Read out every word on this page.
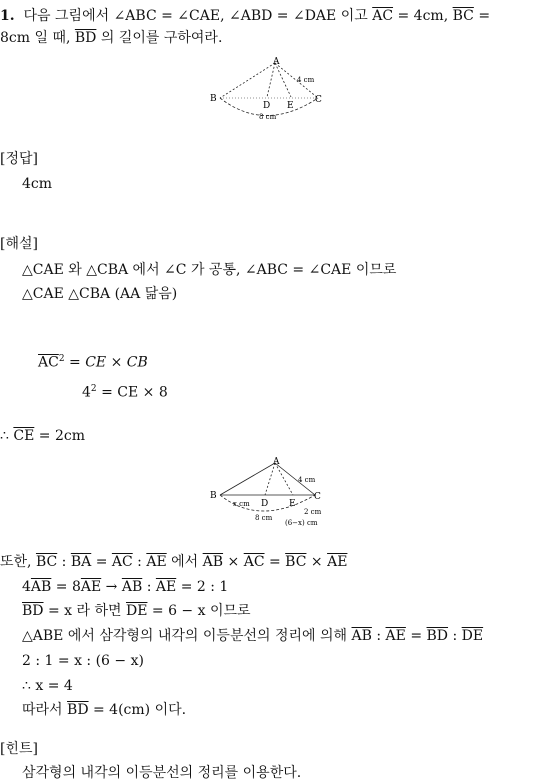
1. 다음 그림에서 ∠ABC = ∠CAE, ∠ABD = ∠DAE 이고 $\overline{AC} = 4cm$, $\overline{BC}$ =
8cm 일 때, $\overline{BD}$ 의 길이를 구하여라.
A
B	C
D E
4 cm
8 cm
[정답]
4cm
[해설]
△CAE 와 △CBA 에서 ∠C 가 공통, ∠ABC = ∠CAE 이므로
△CAE △CBA (AA 닮음)
$\overline{AC}^2$ = CE × CB
$4^2$ = CE × 8
∴ $\overline{CE} = 2cm$
A
B	C
D E
4 cm
x cm
8 cm
2 cm
(6−x) cm
또한, $\overline{BC}$ : $\overline{BA} = \overline{AC}$ : $\overline{AE}$ 에서 $\overline{AB} \times \overline{AC} = \overline{BC} \times \overline{AE}$
$4\overline{AB} = 8\overline{AE} \to \overline{AB}$ : $\overline{AE} = 2$ : 1
$\overline{BD} = x$ 라 하면 $\overline{DE} = 6 - x$ 이므로
△ABE 에서 삼각형의 내각의 이등분선의 정리에 의해 $\overline{AB}$ : $\overline{AE} = \overline{BD}$ : $\overline{DE}$
2 : 1 = x : (6 − x)
∴ x = 4
따라서 $\overline{BD} = 4(cm)$ 이다.
[힌트]
삼각형의 내각의 이등분선의 정리를 이용한다.
